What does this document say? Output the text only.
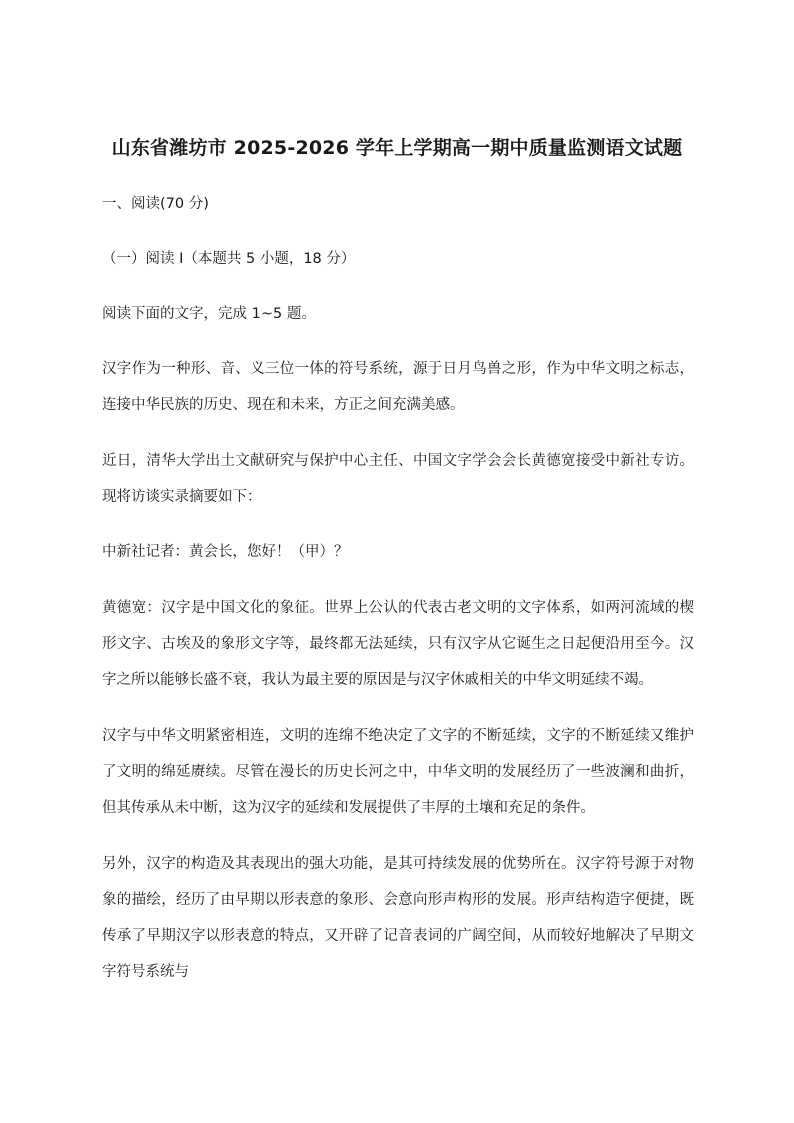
山东省潍坊市 2025-2026 学年上学期高一期中质量监测语文试题
一、阅读(70 分)
（一）阅读 I（本题共 5 小题，18 分）
阅读下面的文字，完成 1~5 题。
汉字作为一种形、音、义三位一体的符号系统，源于日月鸟兽之形，作为中华文明之标志，连接中华民族的历史、现在和未来，方正之间充满美感。
近日，清华大学出土文献研究与保护中心主任、中国文字学会会长黄德宽接受中新社专访。现将访谈实录摘要如下：
中新社记者：黄会长，您好！（甲）？
黄德宽：汉字是中国文化的象征。世界上公认的代表古老文明的文字体系，如两河流域的楔形文字、古埃及的象形文字等，最终都无法延续，只有汉字从它诞生之日起便沿用至今。汉字之所以能够长盛不衰，我认为最主要的原因是与汉字休戚相关的中华文明延续不竭。
汉字与中华文明紧密相连，文明的连绵不绝决定了文字的不断延续，文字的不断延续又维护了文明的绵延赓续。尽管在漫长的历史长河之中，中华文明的发展经历了一些波澜和曲折，但其传承从未中断，这为汉字的延续和发展提供了丰厚的土壤和充足的条件。
另外，汉字的构造及其表现出的强大功能，是其可持续发展的优势所在。汉字符号源于对物象的描绘，经历了由早期以形表意的象形、会意向形声构形的发展。形声结构造字便捷，既传承了早期汉字以形表意的特点，又开辟了记音表词的广阔空间，从而较好地解决了早期文字符号系统与
